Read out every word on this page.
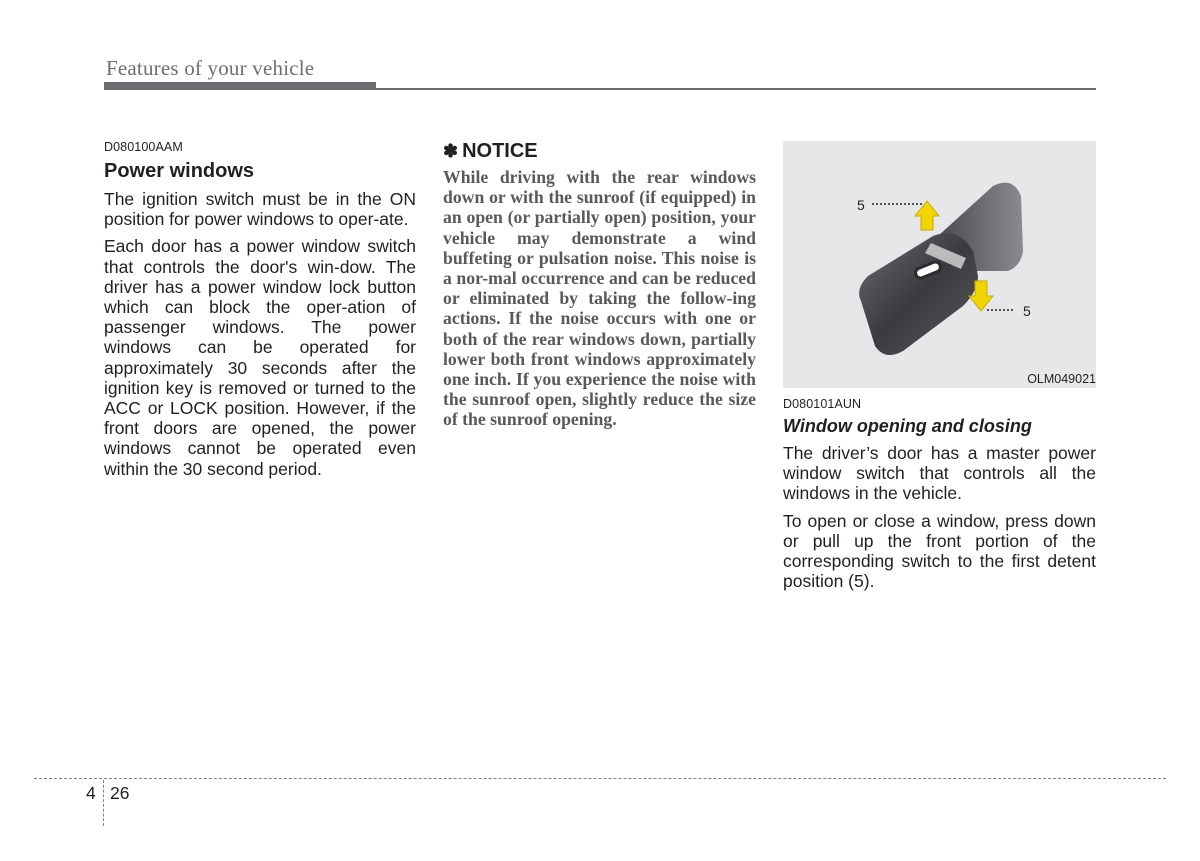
Features of your vehicle
D080100AAM
Power windows

The ignition switch must be in the ON position for power windows to oper-ate.

Each door has a power window switch that controls the door's win-dow. The driver has a power window lock button which can block the oper-ation of passenger windows. The power windows can be operated for approximately 30 seconds after the ignition key is removed or turned to the ACC or LOCK position. However, if the front doors are opened, the power windows cannot be operated even within the 30 second period.

✽ NOTICE

While driving with the rear windows down or with the sunroof (if equipped) in an open (or partially open) position, your vehicle may demonstrate a wind buffeting or pulsation noise. This noise is a nor-mal occurrence and can be reduced or eliminated by taking the follow-ing actions. If the noise occurs with one or both of the rear windows down, partially lower both front windows approximately one inch. If you experience the noise with the sunroof open, slightly reduce the size of the sunroof opening.

5
5
OLM049021
D080101AUN
Window opening and closing

The driver’s door has a master power window switch that controls all the windows in the vehicle.

To open or close a window, press down or pull up the front portion of the corresponding switch to the first detent position (5).

4 26
